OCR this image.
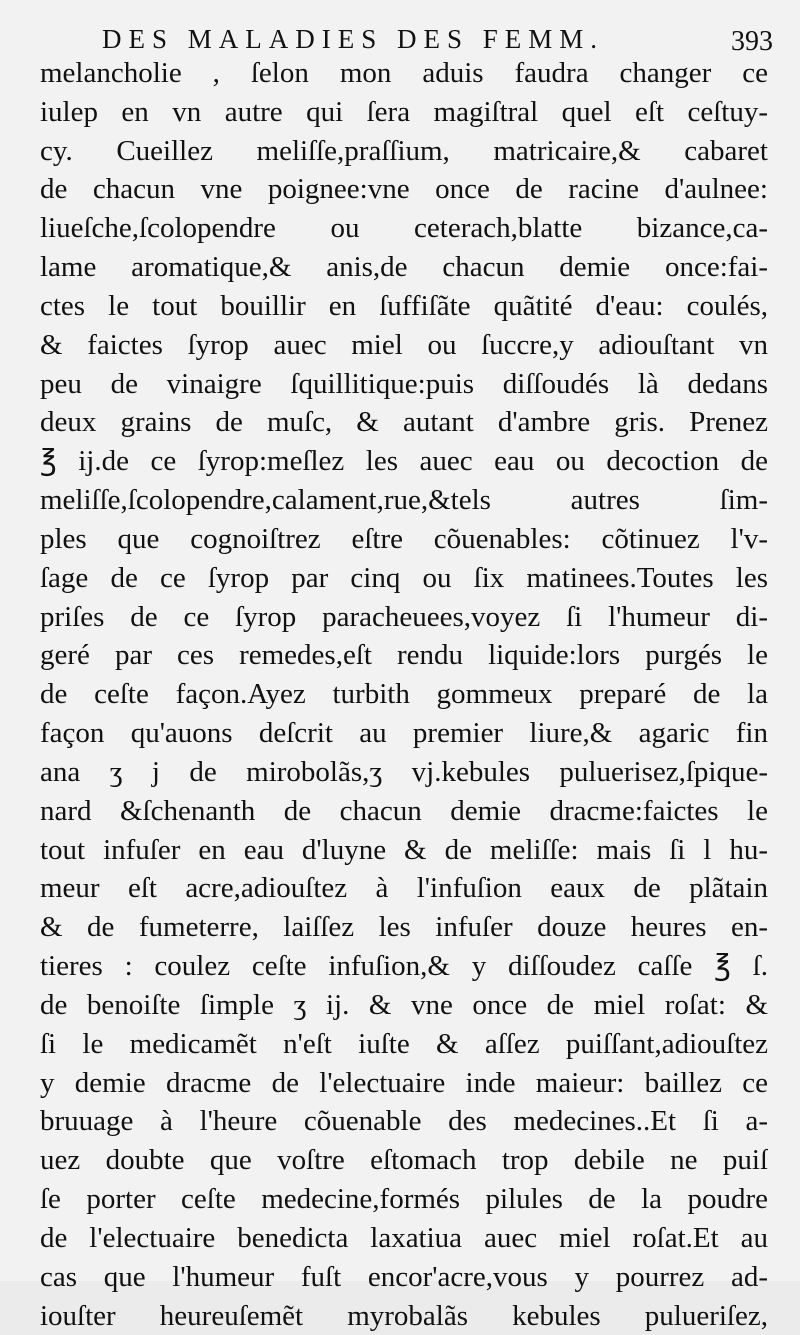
DES MALADIES DES FEMM.	393
melancholie , ſelon mon aduis faudra changer ce
iulep en vn autre qui ſera magiſtral quel eſt ceſtuy-
cy. Cueillez meliſſe,praſſium, matricaire,& cabaret
de chacun vne poignee:vne once de racine d'aulnee:
liueſche,ſcolopendre ou ceterach,blatte bizance,ca-
lame aromatique,& anis,de chacun demie once:fai-
ctes le tout bouillir en ſuffiſãte quãtité d'eau: coulés,
& faictes ſyrop auec miel ou ſuccre,y adiouſtant vn
peu de vinaigre ſquillitique:puis diſſoudés là dedans
deux grains de muſc, & autant d'ambre gris. Prenez
℥ ij.de ce ſyrop:meſlez les auec eau ou decoction de
meliſſe,ſcolopendre,calament,rue,&tels autres ſim-
ples que cognoiſtrez eſtre cõuenables: cõtinuez l'v-
ſage de ce ſyrop par cinq ou ſix matinees.Toutes les
priſes de ce ſyrop paracheuees,voyez ſi l'humeur di-
geré par ces remedes,eſt rendu liquide:lors purgés le
de ceſte façon.Ayez turbith gommeux preparé de la
façon qu'auons deſcrit au premier liure,& agaric fin
ana ʒ j de mirobolãs,ʒ vj.kebules puluerisez,ſpique-
nard &ſchenanth de chacun demie dracme:faictes le
tout infuſer en eau d'luyne & de meliſſe: mais ſi l hu-
meur eſt acre,adiouſtez à l'infuſion eaux de plãtain
& de fumeterre, laiſſez les infuſer douze heures en-
tieres : coulez ceſte infuſion,& y diſſoudez caſſe ℥ ſ.
de benoiſte ſimple ʒ ij. & vne once de miel roſat: &
ſi le medicamẽt n'eſt iuſte & aſſez puiſſant,adiouſtez
y demie dracme de l'electuaire inde maieur: baillez ce
bruuage à l'heure cõuenable des medecines..Et ſi a-
uez doubte que voſtre eſtomach trop debile ne puiſ
ſe porter ceſte medecine,formés pilules de la poudre
de l'electuaire benedicta laxatiua auec miel roſat.Et au
cas que l'humeur fuſt encor'acre,vous y pourrez ad-
iouſter heureuſemẽt myrobalãs kebules pulueriſez,
